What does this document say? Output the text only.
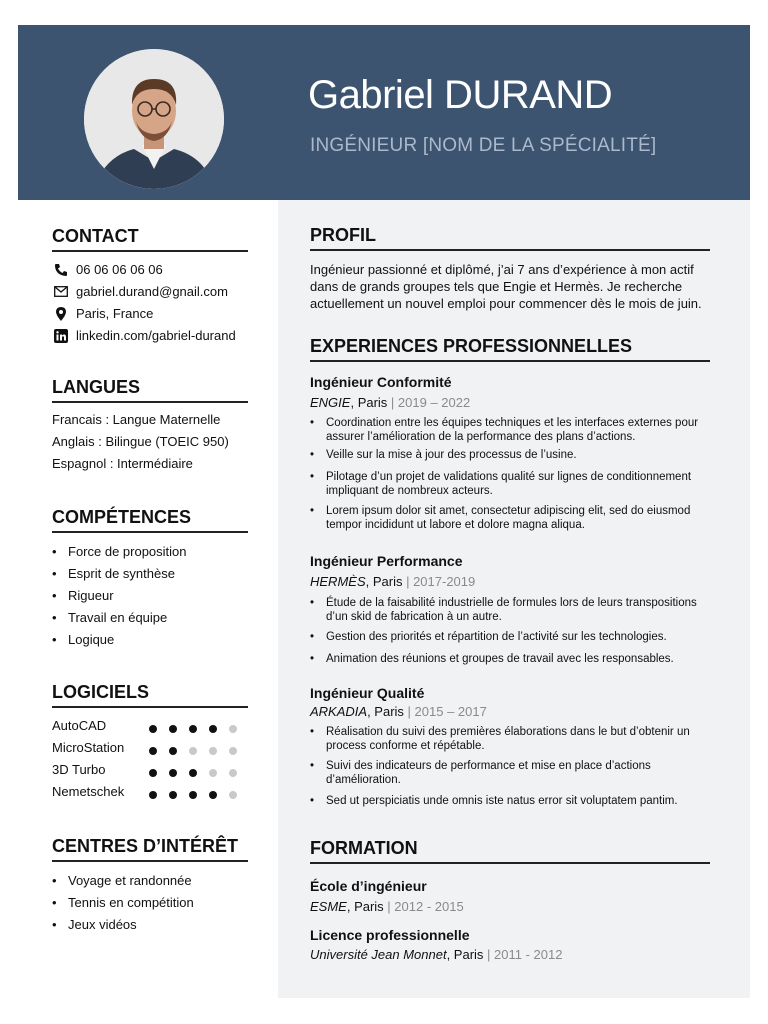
Gabriel DURAND
INGÉNIEUR [NOM DE LA SPÉCIALITÉ]
CONTACT
06 06 06 06 06
gabriel.durand@gnail.com
Paris, France
linkedin.com/gabriel-durand
LANGUES
Francais : Langue Maternelle
Anglais : Bilingue (TOEIC 950)
Espagnol : Intermédiaire
COMPÉTENCES
• Force de proposition
• Esprit de synthèse
• Rigueur
• Travail en équipe
• Logique
LOGICIELS
AutoCAD
MicroStation
3D Turbo
Nemetschek
CENTRES D’INTÉRÊT
• Voyage et randonnée
• Tennis en compétition
• Jeux vidéos
PROFIL
Ingénieur passionné et diplômé, j’ai 7 ans d’expérience à mon actif dans de grands groupes tels que Engie et Hermès. Je recherche actuellement un nouvel emploi pour commencer dès le mois de juin.
EXPERIENCES PROFESSIONNELLES
Ingénieur Conformité
ENGIE, Paris | 2019 – 2022
• Coordination entre les équipes techniques et les interfaces externes pour assurer l’amélioration de la performance des plans d’actions.
• Veille sur la mise à jour des processus de l’usine.
• Pilotage d’un projet de validations qualité sur lignes de conditionnement impliquant de nombreux acteurs.
• Lorem ipsum dolor sit amet, consectetur adipiscing elit, sed do eiusmod tempor incididunt ut labore et dolore magna aliqua.
Ingénieur Performance
HERMÈS, Paris | 2017-2019
• Étude de la faisabilité industrielle de formules lors de leurs transpositions d’un skid de fabrication à un autre.
• Gestion des priorités et répartition de l’activité sur les technologies.
• Animation des réunions et groupes de travail avec les responsables.
Ingénieur Qualité
ARKADIA, Paris | 2015 – 2017
• Réalisation du suivi des premières élaborations dans le but d’obtenir un process conforme et répétable.
• Suivi des indicateurs de performance et mise en place d’actions d’amélioration.
• Sed ut perspiciatis unde omnis iste natus error sit voluptatem pantim.
FORMATION
École d’ingénieur
ESME, Paris | 2012 - 2015
Licence professionnelle
Université Jean Monnet, Paris | 2011 - 2012
